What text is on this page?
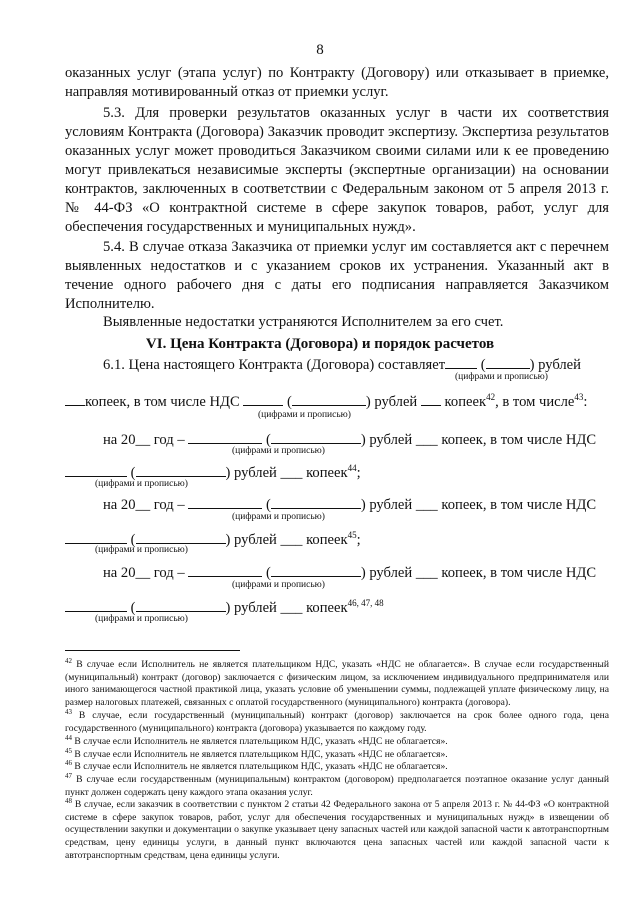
8
оказанных услуг (этапа услуг) по Контракту (Договору) или отказывает в приемке, направляя мотивированный отказ от приемки услуг.
5.3. Для проверки результатов оказанных услуг в части их соответствия условиям Контракта (Договора) Заказчик проводит экспертизу. Экспертиза результатов оказанных услуг может проводиться Заказчиком своими силами или к ее проведению могут привлекаться независимые эксперты (экспертные организации) на основании контрактов, заключенных в соответствии с Федеральным законом от 5 апреля 2013 г. № 44-ФЗ «О контрактной системе в сфере закупок товаров, работ, услуг для обеспечения государственных и муниципальных нужд».
5.4. В случае отказа Заказчика от приемки услуг им составляется акт с перечнем выявленных недостатков и с указанием сроков их устранения. Указанный акт в течение одного рабочего дня с даты его подписания направляется Заказчиком Исполнителю.
Выявленные недостатки устраняются Исполнителем за его счет.
VI. Цена Контракта (Договора) и порядок расчетов
6.1. Цена настоящего Контракта (Договора) составляет (	) рублей
(цифрами и прописью)
копеек, в том числе НДС	(	) рублей копеек$^{42}$, в том числе$^{43}$:
(цифрами и прописью)
на 20__ год –	(	) рублей ___ копеек, в том числе НДС
(цифрами и прописью)
(	) рублей ___ копеек$^{44}$;
(цифрами и прописью)
на 20__ год –	(	) рублей ___ копеек, в том числе НДС
(цифрами и прописью)
(	) рублей ___ копеек$^{45}$;
(цифрами и прописью)
на 20__ год –	(	) рублей ___ копеек, в том числе НДС
(цифрами и прописью)
(	) рублей ___ копеек$^{46, 47, 48}$
(цифрами и прописью)
$^{42}$ В случае если Исполнитель не является плательщиком НДС, указать «НДС не облагается». В случае если государственный (муниципальный) контракт (договор) заключается с физическим лицом, за исключением индивидуального предпринимателя или иного занимающегося частной практикой лица, указать условие об уменьшении суммы, подлежащей уплате физическому лицу, на размер налоговых платежей, связанных с оплатой государственного (муниципального) контракта (договора).
$^{43}$ В случае, если государственный (муниципальный) контракт (договор) заключается на срок более одного года, цена государственного (муниципального) контракта (договора) указывается по каждому году.
$^{44}$ В случае если Исполнитель не является плательщиком НДС, указать «НДС не облагается».
$^{45}$ В случае если Исполнитель не является плательщиком НДС, указать «НДС не облагается».
$^{46}$ В случае если Исполнитель не является плательщиком НДС, указать «НДС не облагается».
$^{47}$ В случае если государственным (муниципальным) контрактом (договором) предполагается поэтапное оказание услуг данный пункт должен содержать цену каждого этапа оказания услуг.
$^{48}$ В случае, если заказчик в соответствии с пунктом 2 статьи 42 Федерального закона от 5 апреля 2013 г. № 44-ФЗ «О контрактной системе в сфере закупок товаров, работ, услуг для обеспечения государственных и муниципальных нужд» в извещении об осуществлении закупки и документации о закупке указывает цену запасных частей или каждой запасной части к автотранспортным средствам, цену единицы услуги, в данный пункт включаются цена запасных частей или каждой запасной части к автотранспортным средствам, цена единицы услуги.
